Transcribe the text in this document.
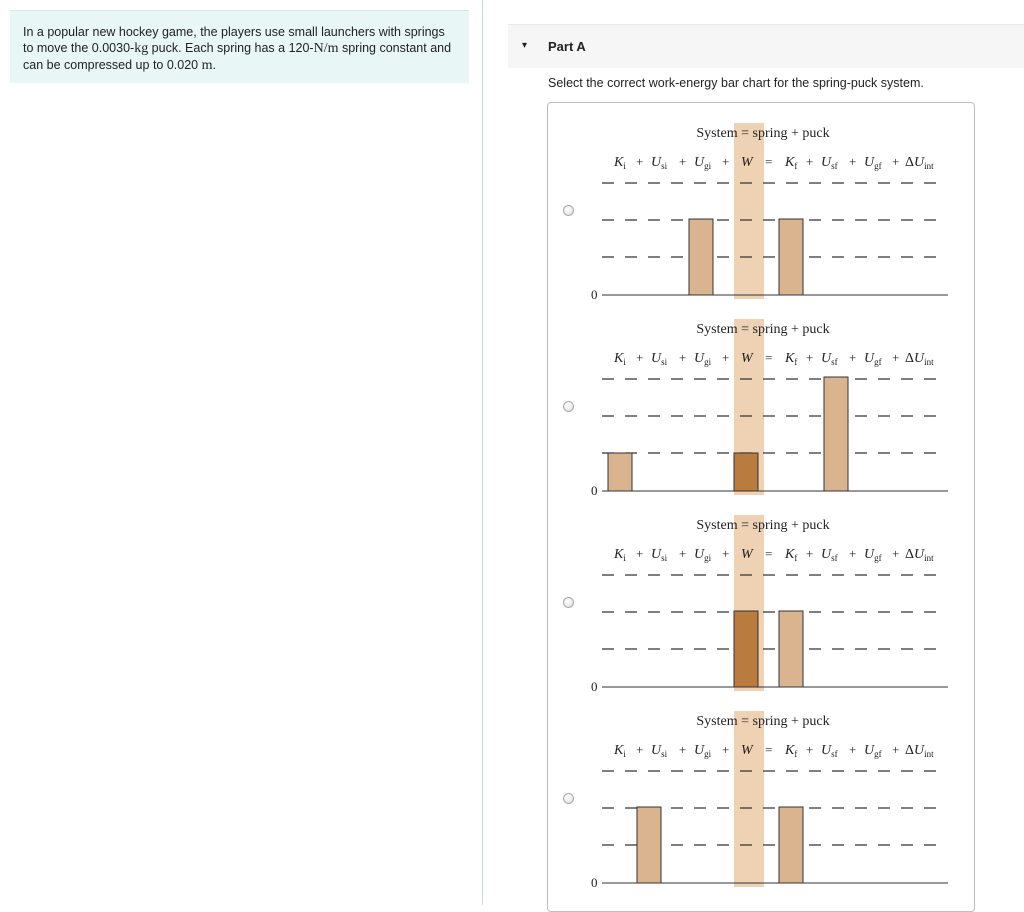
In a popular new hockey game, the players use small launchers with springs to move the 0.0030-kg puck. Each spring has a 120-N/m spring constant and can be compressed up to 0.020 m.

▾ Part A
Select the correct work-energy bar chart for the spring-puck system.
System = spring + puck
$K_i + U_{si} + U_{gi} + W = K_f + U_{sf} + U_{gf} + \Delta U_{int}$
0
System = spring + puck
$K_i + U_{si} + U_{gi} + W = K_f + U_{sf} + U_{gf} + \Delta U_{int}$
0
System = spring + puck
$K_i + U_{si} + U_{gi} + W = K_f + U_{sf} + U_{gf} + \Delta U_{int}$
0
System = spring + puck
$K_i + U_{si} + U_{gi} + W = K_f + U_{sf} + U_{gf} + \Delta U_{int}$
0
